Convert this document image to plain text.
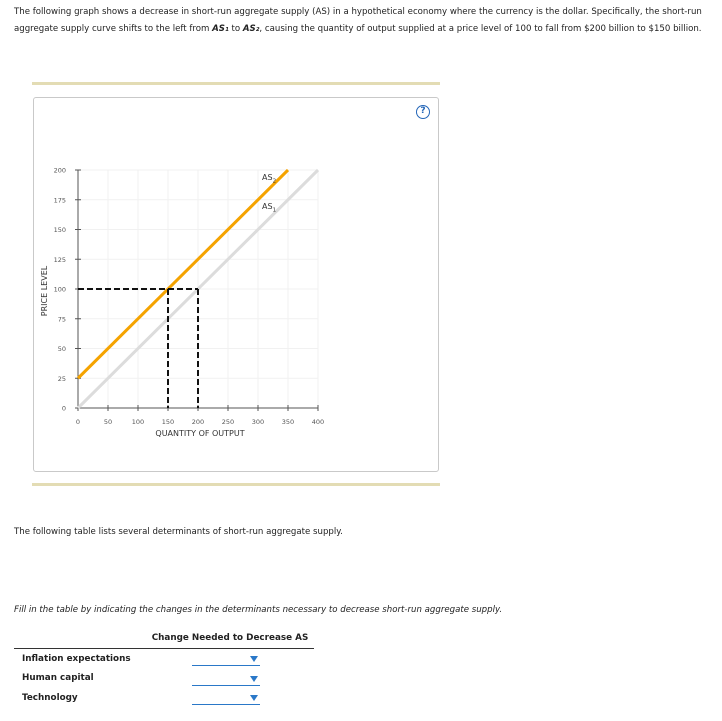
The following graph shows a decrease in short-run aggregate supply (AS) in a hypothetical economy where the currency is the dollar. Specifically, the short-run aggregate supply curve shifts to the left from AS₁ to AS₂, causing the quantity of output supplied at a price level of 100 to fall from $200 billion to $150 billion.

?
0
25
50
75
100
125
150
175
200
0	50	100	150	200	250	300	350	400
QUANTITY OF OUTPUT
PRICE LEVEL
$AS_1$
$AS_2$

The following table lists several determinants of short-run aggregate supply.

Fill in the table by indicating the changes in the determinants necessary to decrease short-run aggregate supply.

Change Needed to Decrease AS
Inflation expectations
Human capital
Technology
